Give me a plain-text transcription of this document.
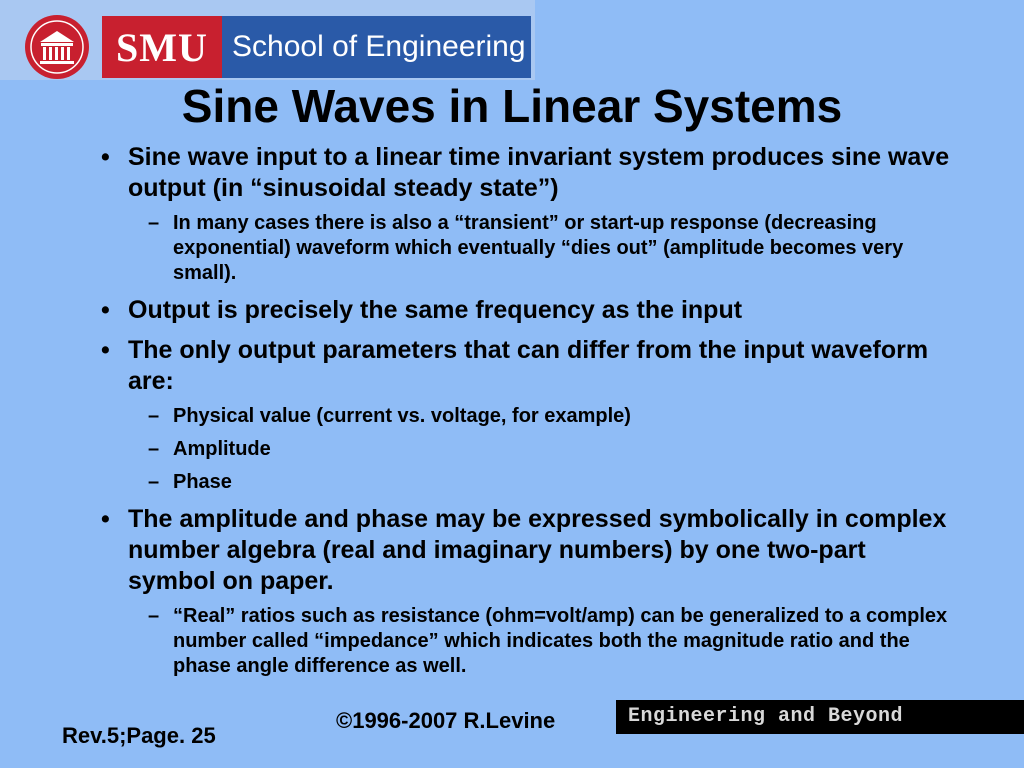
SMU School of Engineering
Sine Waves in Linear Systems
• Sine wave input to a linear time invariant system produces sine wave output (in “sinusoidal steady state”)
– In many cases there is also a “transient” or start-up response (decreasing exponential) waveform which eventually “dies out” (amplitude becomes very small).
• Output is precisely the same frequency as the input
• The only output parameters that can differ from the input waveform are:
– Physical value (current vs. voltage, for example)
– Amplitude
– Phase
• The amplitude and phase may be expressed symbolically in complex number algebra (real and imaginary numbers) by one two-part symbol on paper.
– “Real” ratios such as resistance (ohm=volt/amp) can be generalized to a complex number called “impedance” which indicates both the magnitude ratio and the phase angle difference as well.
Rev.5;Page. 25
©1996-2007 R.Levine	Engineering and Beyond
